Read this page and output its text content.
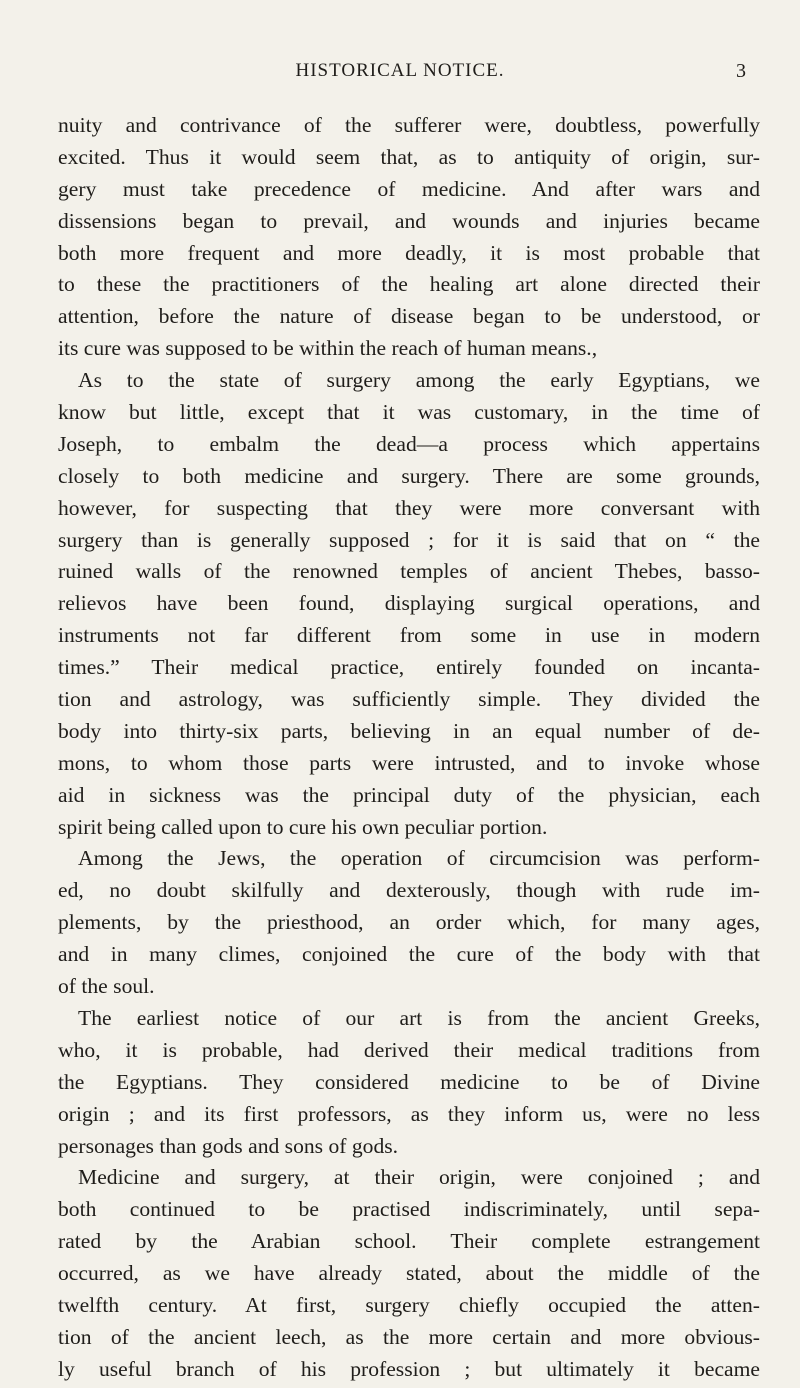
HISTORICAL NOTICE.	3
nuity and contrivance of the sufferer were, doubtless, powerfully
excited. Thus it would seem that, as to antiquity of origin, sur-
gery must take precedence of medicine. And after wars and
dissensions began to prevail, and wounds and injuries became
both more frequent and more deadly, it is most probable that
to these the practitioners of the healing art alone directed their
attention, before the nature of disease began to be understood, or
its cure was supposed to be within the reach of human means.,
As to the state of surgery among the early Egyptians, we
know but little, except that it was customary, in the time of
Joseph, to embalm the dead—a process which appertains
closely to both medicine and surgery. There are some grounds,
however, for suspecting that they were more conversant with
surgery than is generally supposed ; for it is said that on “ the
ruined walls of the renowned temples of ancient Thebes, basso-
relievos have been found, displaying surgical operations, and
instruments not far different from some in use in modern
times.” Their medical practice, entirely founded on incanta-
tion and astrology, was sufficiently simple. They divided the
body into thirty-six parts, believing in an equal number of de-
mons, to whom those parts were intrusted, and to invoke whose
aid in sickness was the principal duty of the physician, each
spirit being called upon to cure his own peculiar portion.
Among the Jews, the operation of circumcision was perform-
ed, no doubt skilfully and dexterously, though with rude im-
plements, by the priesthood, an order which, for many ages,
and in many climes, conjoined the cure of the body with that
of the soul.
The earliest notice of our art is from the ancient Greeks,
who, it is probable, had derived their medical traditions from
the Egyptians. They considered medicine to be of Divine
origin ; and its first professors, as they inform us, were no less
personages than gods and sons of gods.
Medicine and surgery, at their origin, were conjoined ; and
both continued to be practised indiscriminately, until sepa-
rated by the Arabian school. Their complete estrangement
occurred, as we have already stated, about the middle of the
twelfth century. At first, surgery chiefly occupied the atten-
tion of the ancient leech, as the more certain and more obvious-
ly useful branch of his profession ; but ultimately it became
